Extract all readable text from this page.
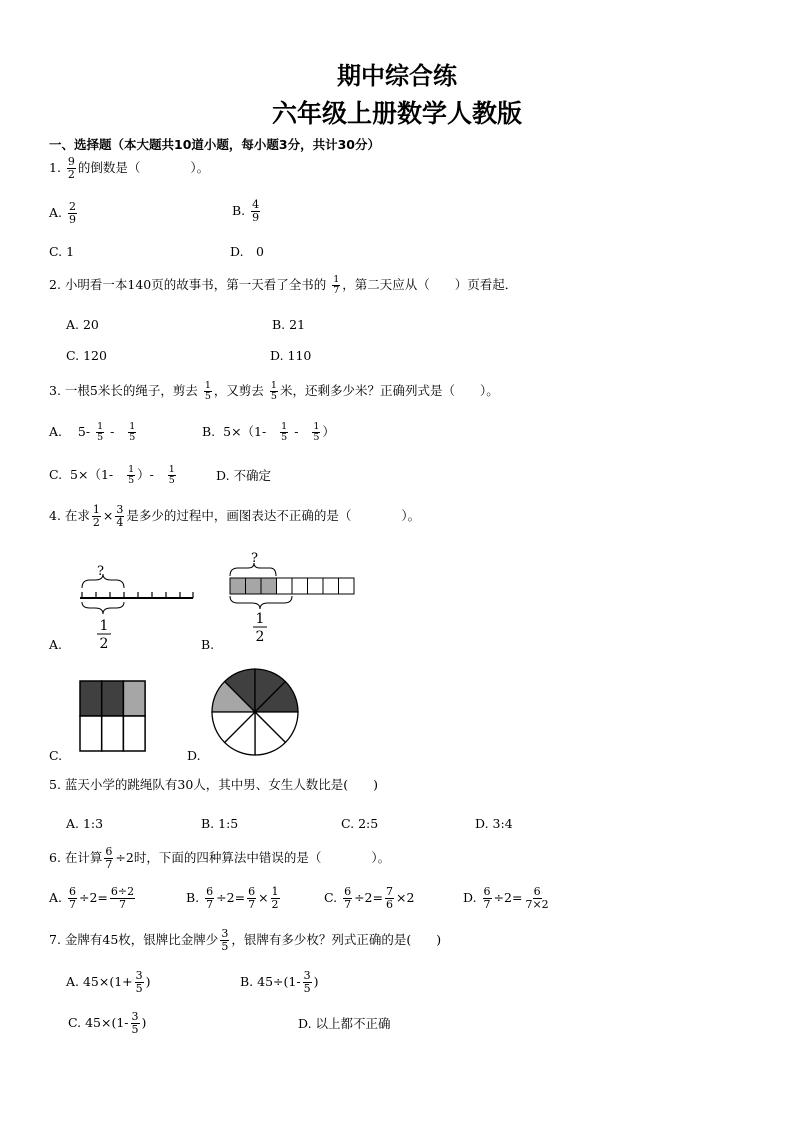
期中综合练
六年级上册数学人教版
一、选择题（本大题共10道小题，每小题3分，共计30分）
1. $\frac{9}{2}$ 的倒数是（　　　　）。
A. $\frac{2}{9}$	B. $\frac{4}{9}$
C. 1	D.　0
2. 小明看一本140页的故事书，第一天看了全书的 $\frac{1}{7}$ ，第二天应从（　　）页看起．
A. 20	B. 21
C. 120	D. 110
3. 一根5米长的绳子，剪去 $\frac{1}{5}$ ，又剪去 $\frac{1}{5}$ 米，还剩多少米？正确列式是（　　）。
A. $5- \frac{1}{5} - \frac{1}{5}$	B. $5\times(1- \frac{1}{5} - \frac{1}{5}$ ）
C. $5\times(1- \frac{1}{5}$ ）- $\frac{1}{5}$	D. 不确定
4. 在求 $\frac{1}{2} \times \frac{3}{4}$ 是多少的过程中，画图表达不正确的是（　　　　）。
?
1
2
A.
?
1
2
B.
C.	D.
5. 蓝天小学的跳绳队有30人，其中男、女生人数比是(　　)
A. 1:3	B. 1:5	C. 2:5	D. 3:4
6. 在计算 $\frac{6}{7} \div 2$时，下面的四种算法中错误的是（　　　　）。
A. $\frac{6}{7} \div 2= \frac{6\div 2}{7}$	B. $\frac{6}{7} \div 2= \frac{6}{7} \times \frac{1}{2}$	C. $\frac{6}{7} \div 2= \frac{7}{6} \times 2$	D. $\frac{6}{7} \div 2= \frac{6}{7\times 2}$
7. 金牌有45枚，银牌比金牌少 $\frac{3}{5}$ ，银牌有多少枚？列式正确的是(　　)
A. $45\times(1+ \frac{3}{5}$ )	B. $45\div(1- \frac{3}{5}$ )
C. $45\times(1- \frac{3}{5}$ )	D. 以上都不正确
